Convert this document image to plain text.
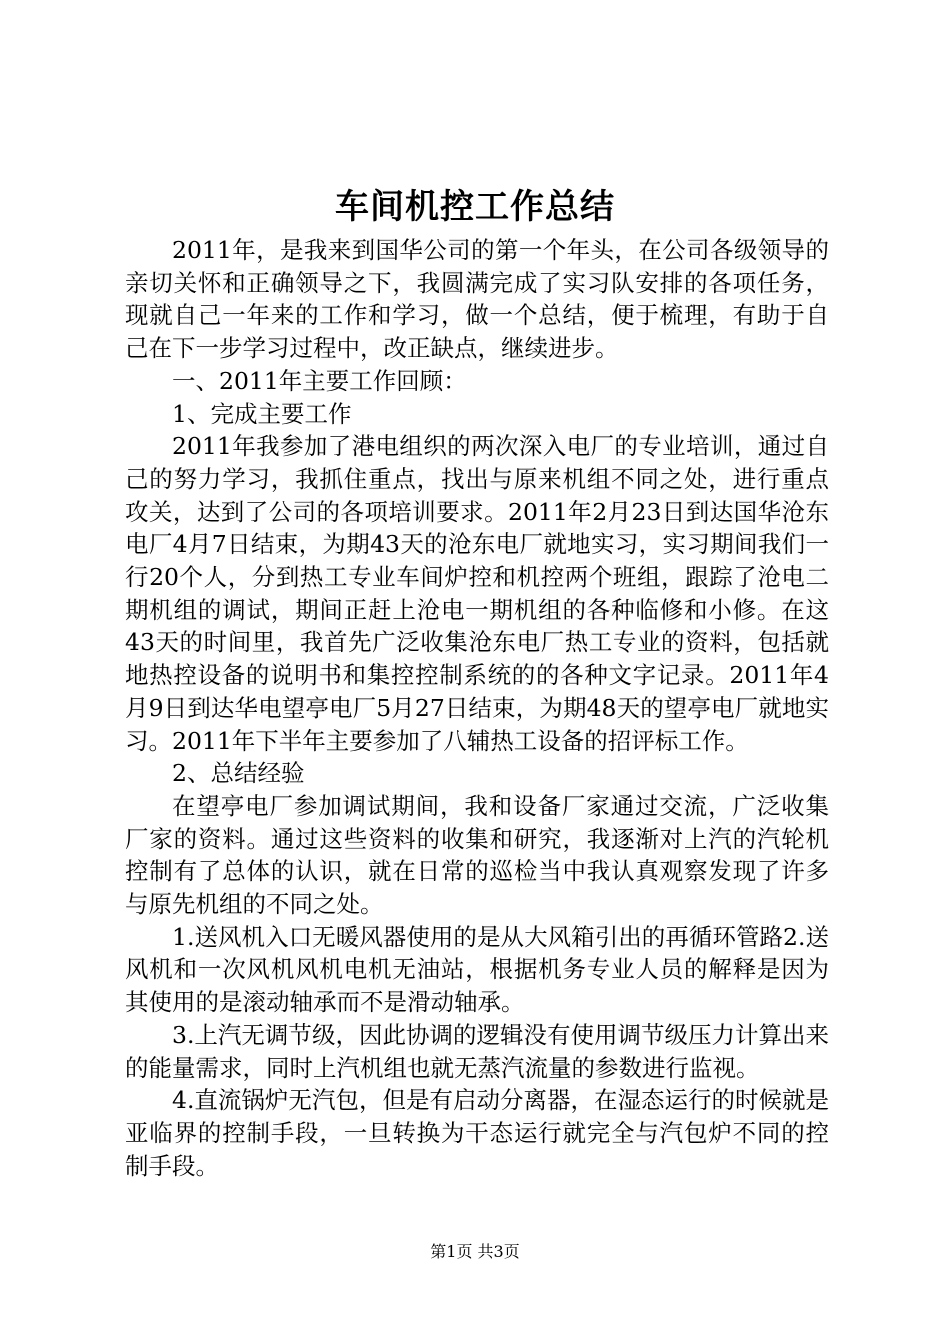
车间机控工作总结

2011年，是我来到国华公司的第一个年头，在公司各级领导的亲切关怀和正确领导之下，我圆满完成了实习队安排的各项任务，现就自己一年来的工作和学习，做一个总结，便于梳理，有助于自己在下一步学习过程中，改正缺点，继续进步。

一、2011年主要工作回顾：

1、完成主要工作

2011年我参加了港电组织的两次深入电厂的专业培训，通过自己的努力学习，我抓住重点，找出与原来机组不同之处，进行重点攻关，达到了公司的各项培训要求。2011年2月23日到达国华沧东电厂4月7日结束，为期43天的沧东电厂就地实习，实习期间我们一行20个人，分到热工专业车间炉控和机控两个班组，跟踪了沧电二期机组的调试，期间正赶上沧电一期机组的各种临修和小修。在这43天的时间里，我首先广泛收集沧东电厂热工专业的资料，包括就地热控设备的说明书和集控控制系统的的各种文字记录。2011年4月9日到达华电望亭电厂5月27日结束，为期48天的望亭电厂就地实习。2011年下半年主要参加了八辅热工设备的招评标工作。

2、总结经验

在望亭电厂参加调试期间，我和设备厂家通过交流，广泛收集厂家的资料。通过这些资料的收集和研究，我逐渐对上汽的汽轮机控制有了总体的认识，就在日常的巡检当中我认真观察发现了许多与原先机组的不同之处。

1.送风机入口无暖风器使用的是从大风箱引出的再循环管路2.送风机和一次风机风机电机无油站，根据机务专业人员的解释是因为其使用的是滚动轴承而不是滑动轴承。

3.上汽无调节级，因此协调的逻辑没有使用调节级压力计算出来的能量需求，同时上汽机组也就无蒸汽流量的参数进行监视。

4.直流锅炉无汽包，但是有启动分离器，在湿态运行的时候就是亚临界的控制手段，一旦转换为干态运行就完全与汽包炉不同的控制手段。

第1页 共3页
